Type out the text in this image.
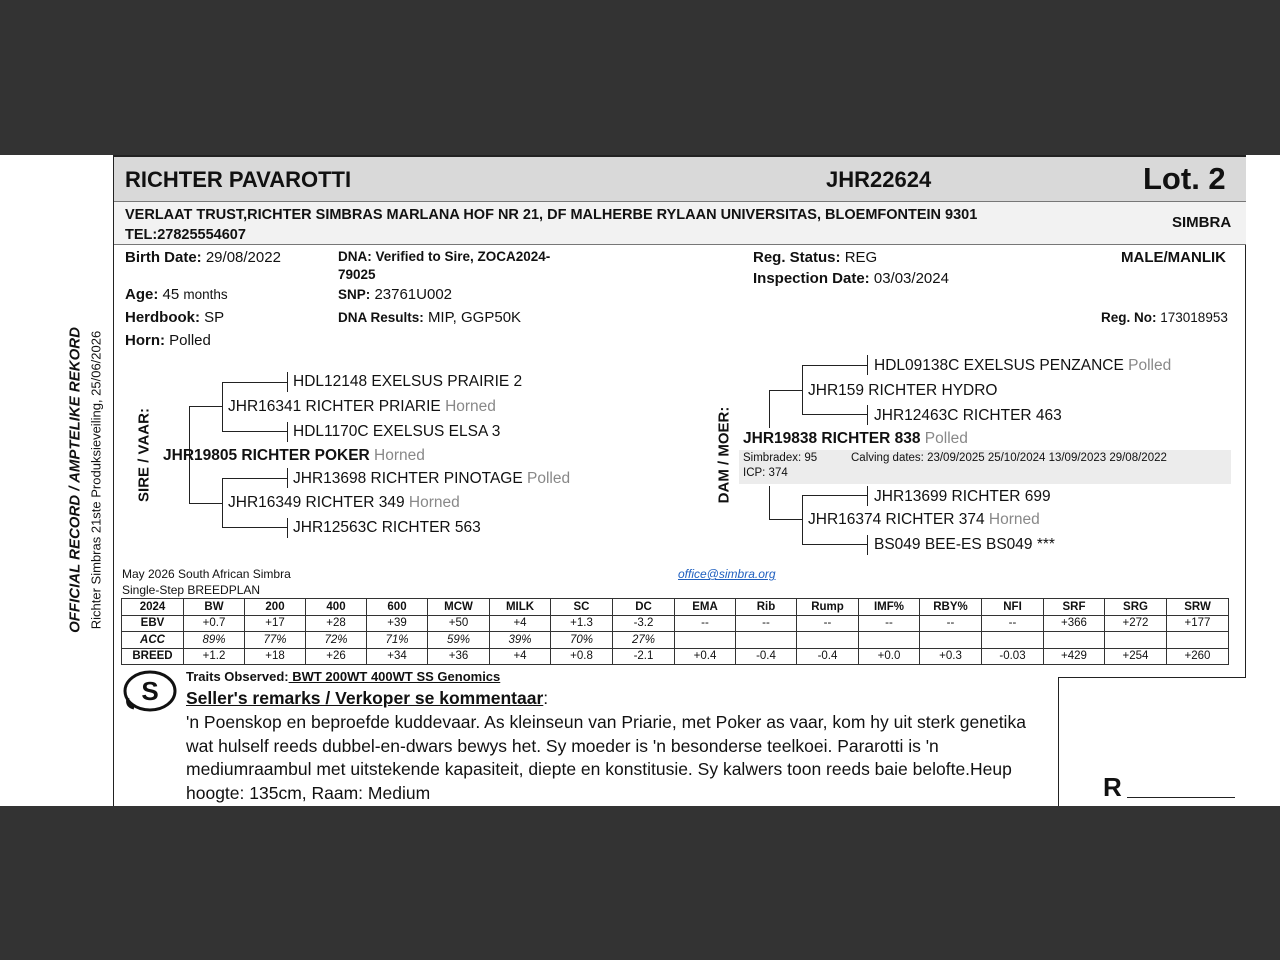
OFFICIAL RECORD / AMPTELIKE REKORD Richter Simbras 21ste Produksieveiling, 25/06/2026
RICHTER PAVAROTTI	JHR22624	Lot. 2
VERLAAT TRUST,RICHTER SIMBRAS MARLANA HOF NR 21, DF MALHERBE RYLAAN UNIVERSITAS, BLOEMFONTEIN 9301 TEL:27825554607
SIMBRA
Birth Date: 29/08/2022
Age: 45 months
Herdbook: SP
Horn: Polled
DNA: Verified to Sire, ZOCA2024-
79025
SNP: 23761U002
DNA Results: MIP, GGP50K
Reg. Status: REG
Inspection Date: 03/03/2024
MALE/MANLIK
Reg. No: 173018953
SIRE / VAAR:
HDL12148 EXELSUS PRAIRIE 2
JHR16341 RICHTER PRIARIE Horned
HDL1170C EXELSUS ELSA 3
JHR19805 RICHTER POKER Horned
JHR13698 RICHTER PINOTAGE Polled
JHR16349 RICHTER 349 Horned
JHR12563C RICHTER 563
DAM / MOER:
HDL09138C EXELSUS PENZANCE Polled
JHR159 RICHTER HYDRO
JHR12463C RICHTER 463
JHR19838 RICHTER 838 Polled
Simbradex: 95	Calving dates: 23/09/2025 25/10/2024 13/09/2023 29/08/2022
ICP: 374
JHR13699 RICHTER 699
JHR16374 RICHTER 374 Horned
BS049 BEE-ES BS049 ***
May 2026 South African Simbra
Single-Step BREEDPLAN
office@simbra.org
2024	BW	200	400	600	MCW	MILK	SC	DC	EMA	Rib	Rump	IMF%	RBY%	NFI	SRF	SRG	SRW
EBV	+0.7	+17	+28	+39	+50	+4	+1.3	-3.2	--	--	--	--	--	--	+366	+272	+177
ACC	89%	77%	72%	71%	59%	39%	70%	27%									
BREED	+1.2	+18	+26	+34	+36	+4	+0.8	-2.1	+0.4	-0.4	-0.4	+0.0	+0.3	-0.03	+429	+254	+260
S Traits Observed: BWT 200WT 400WT SS Genomics
Seller's remarks / Verkoper se kommentaar:
'n Poenskop en beproefde kuddevaar. As kleinseun van Priarie, met Poker as vaar, kom hy uit sterk genetika wat hulself reeds dubbel-en-dwars bewys het. Sy moeder is 'n besonderse teelkoei. Pararotti is 'n mediumraambul met uitstekende kapasiteit, diepte en konstitusie. Sy kalwers toon reeds baie belofte.Heup hoogte: 135cm, Raam: Medium	R
